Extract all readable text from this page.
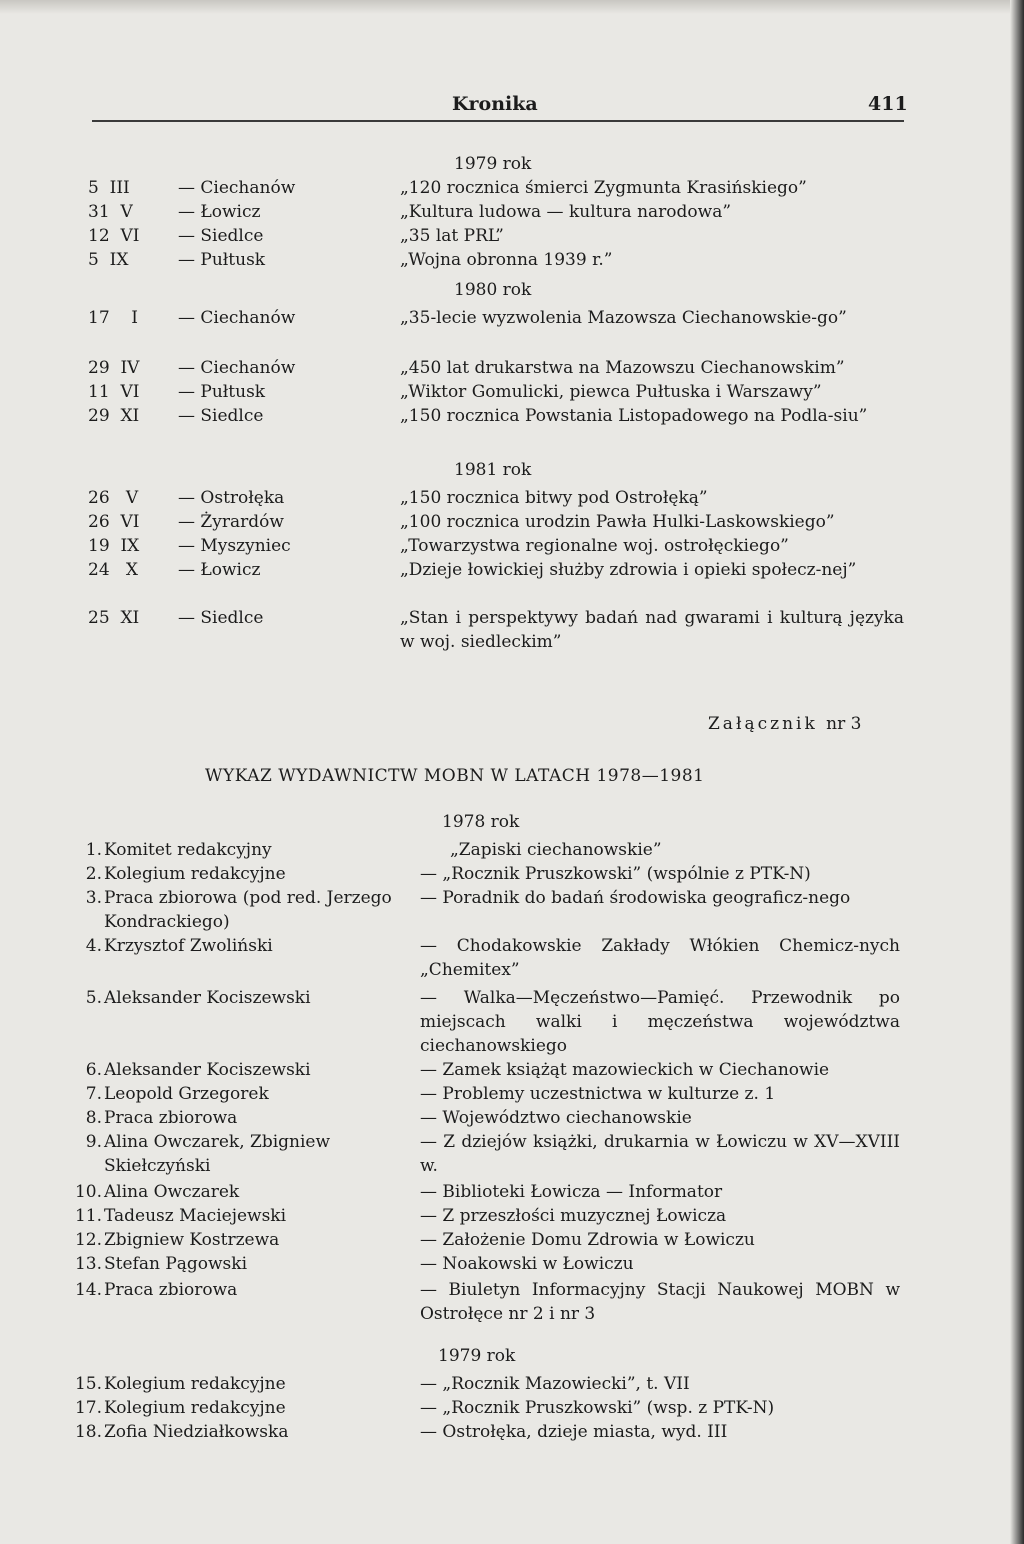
Kronika	411
1979 rok
5  III	— Ciechanów	„120 rocznica śmierci Zygmunta Krasińskiego”
31  V	— Łowicz	„Kultura ludowa — kultura narodowa”
12  VI	— Siedlce	„35 lat PRL”
5  IX	— Pułtusk	„Wojna obronna 1939 r.”
1980 rok
17    I	— Ciechanów	„35-lecie wyzwolenia Mazowsza Ciechanowskie-go”
29  IV	— Ciechanów	„450 lat drukarstwa na Mazowszu Ciechanowskim”
11  VI	— Pułtusk	„Wiktor Gomulicki, piewca Pułtuska i Warszawy”
29  XI	— Siedlce	„150 rocznica Powstania Listopadowego na Podla-siu”
1981 rok
26   V	— Ostrołęka	„150 rocznica bitwy pod Ostrołęką”
26  VI	— Żyrardów	„100 rocznica urodzin Pawła Hulki-Laskowskiego”
19  IX	— Myszyniec	„Towarzystwa regionalne woj. ostrołęckiego”
24   X	— Łowicz	„Dzieje łowickiej służby zdrowia i opieki społecz-nej”
25  XI	— Siedlce	„Stan i perspektywy badań nad gwarami i kulturą języka w woj. siedleckim”
Załącznik nr 3
WYKAZ WYDAWNICTW MOBN W LATACH 1978—1981
1978 rok
1. Komitet redakcyjny	„Zapiski ciechanowskie”
2. Kolegium redakcyjne	— „Rocznik Pruszkowski” (wspólnie z PTK-N)
3. Praca zbiorowa (pod red. Jerzego Kondrackiego)
— Poradnik do badań środowiska geograficz-nego
4. Krzysztof Zwoliński	— Chodakowskie Zakłady Włókien Chemicz-nych „Chemitex”
5. Aleksander Kociszewski	— Walka—Męczeństwo—Pamięć. Przewodnik po miejscach walki i męczeństwa województwa ciechanowskiego
6. Aleksander Kociszewski	— Zamek książąt mazowieckich w Ciechanowie
7. Leopold Grzegorek	— Problemy uczestnictwa w kulturze z. 1
8. Praca zbiorowa	— Województwo ciechanowskie
9. Alina Owczarek, Zbigniew Skiełczyński
— Z dziejów książki, drukarnia w Łowiczu w XV—XVIII w.
10. Alina Owczarek	— Biblioteki Łowicza — Informator
11. Tadeusz Maciejewski	— Z przeszłości muzycznej Łowicza
12. Zbigniew Kostrzewa	— Założenie Domu Zdrowia w Łowiczu
13. Stefan Pągowski	— Noakowski w Łowiczu
14. Praca zbiorowa	— Biuletyn Informacyjny Stacji Naukowej MOBN w Ostrołęce nr 2 i nr 3
1979 rok
15. Kolegium redakcyjne	— „Rocznik Mazowiecki”, t. VII
17. Kolegium redakcyjne	— „Rocznik Pruszkowski” (wsp. z PTK-N)
18. Zofia Niedziałkowska	— Ostrołęka, dzieje miasta, wyd. III
